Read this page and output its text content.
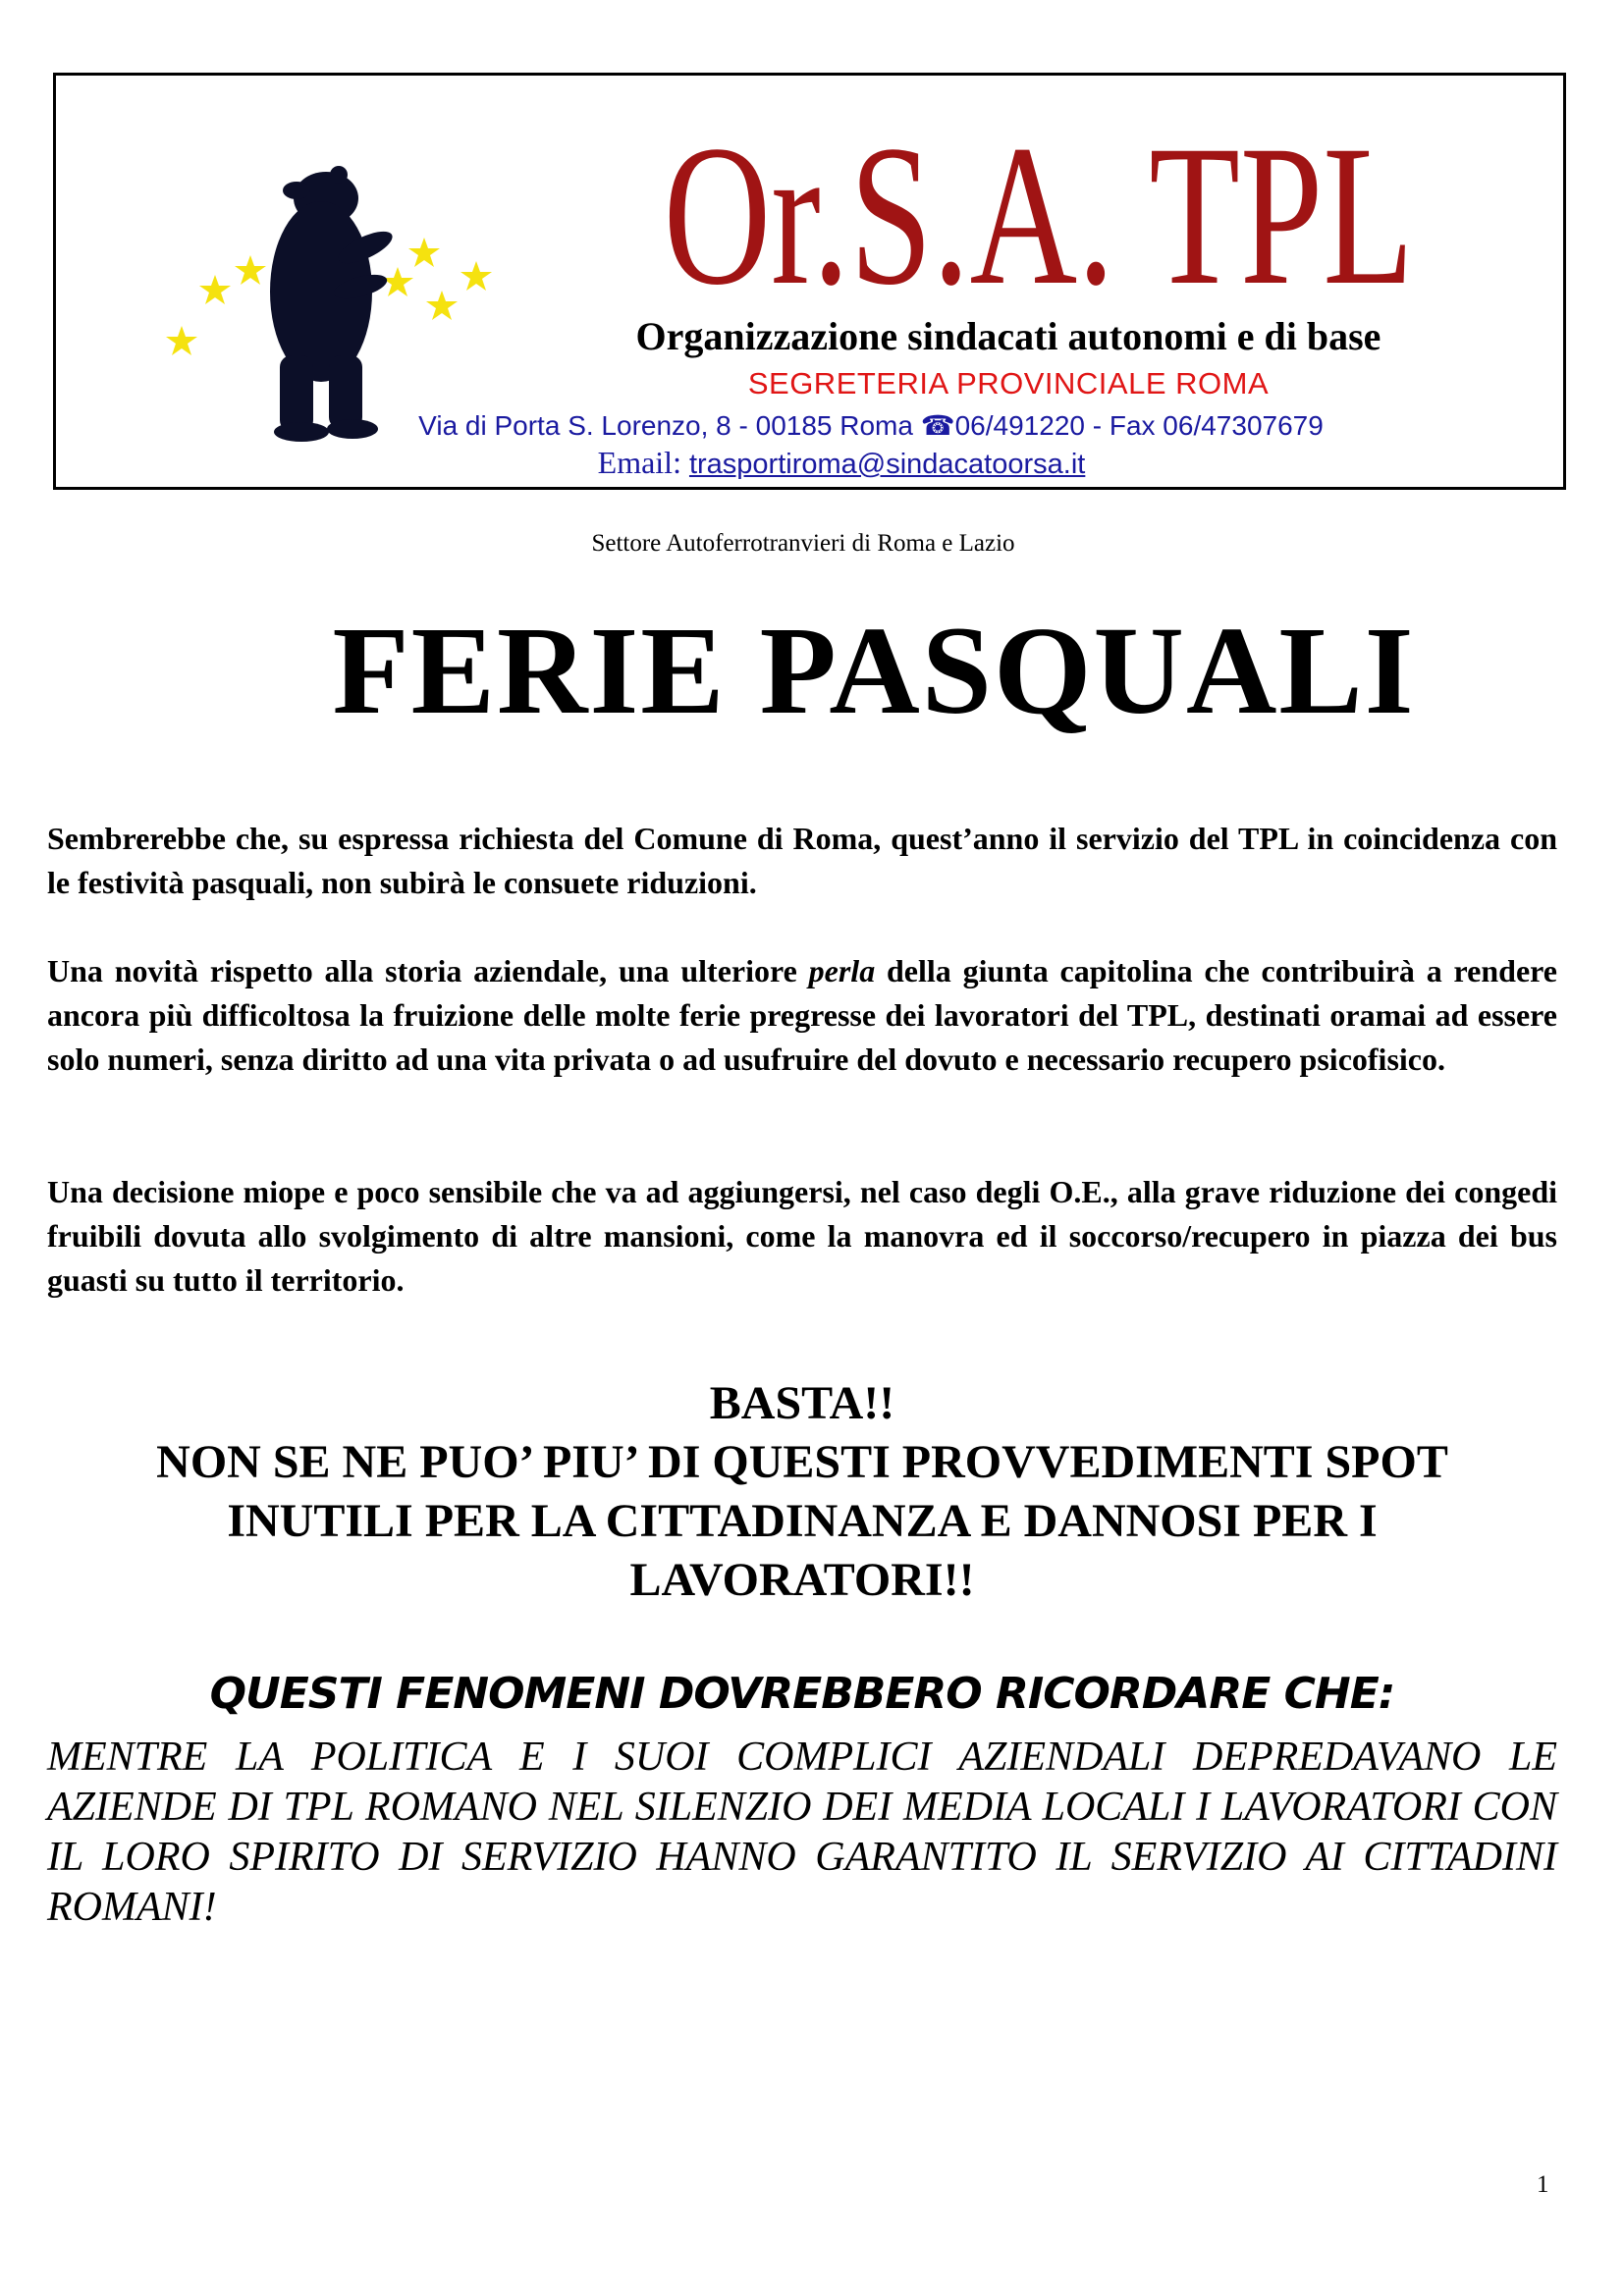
Or.S.A. TPL
Organizzazione sindacati autonomi e di base
SEGRETERIA PROVINCIALE ROMA
Via di Porta S. Lorenzo, 8 - 00185 Roma ☎06/491220 - Fax 06/47307679
Email: trasportiroma@sindacatoorsa.it
Settore Autoferrotranvieri di Roma e Lazio
FERIE PASQUALI

Sembrerebbe che, su espressa richiesta del Comune di Roma, quest’anno il servizio del TPL in coincidenza con le festività pasquali, non subirà le consuete riduzioni.

Una novità rispetto alla storia aziendale, una ulteriore perla della giunta capitolina che contribuirà a rendere ancora più difficoltosa la fruizione delle molte ferie pregresse dei lavoratori del TPL, destinati oramai ad essere solo numeri, senza diritto ad una vita privata o ad usufruire del dovuto e necessario recupero psicofisico.

Una decisione miope e poco sensibile che va ad aggiungersi, nel caso degli O.E., alla grave riduzione dei congedi fruibili dovuta allo svolgimento di altre mansioni, come la manovra ed il soccorso/recupero in piazza dei bus guasti su tutto il territorio.

BASTA!!
NON SE NE PUO’ PIU’ DI QUESTI PROVVEDIMENTI SPOT
INUTILI PER LA CITTADINANZA E DANNOSI PER I
LAVORATORI!!
QUESTI FENOMENI DOVREBBERO RICORDARE CHE:

MENTRE LA POLITICA E I SUOI COMPLICI AZIENDALI DEPREDAVANO LE AZIENDE DI TPL ROMANO NEL SILENZIO DEI MEDIA LOCALI I LAVORATORI CON IL LORO SPIRITO DI SERVIZIO HANNO GARANTITO IL SERVIZIO AI CITTADINI ROMANI!

1
